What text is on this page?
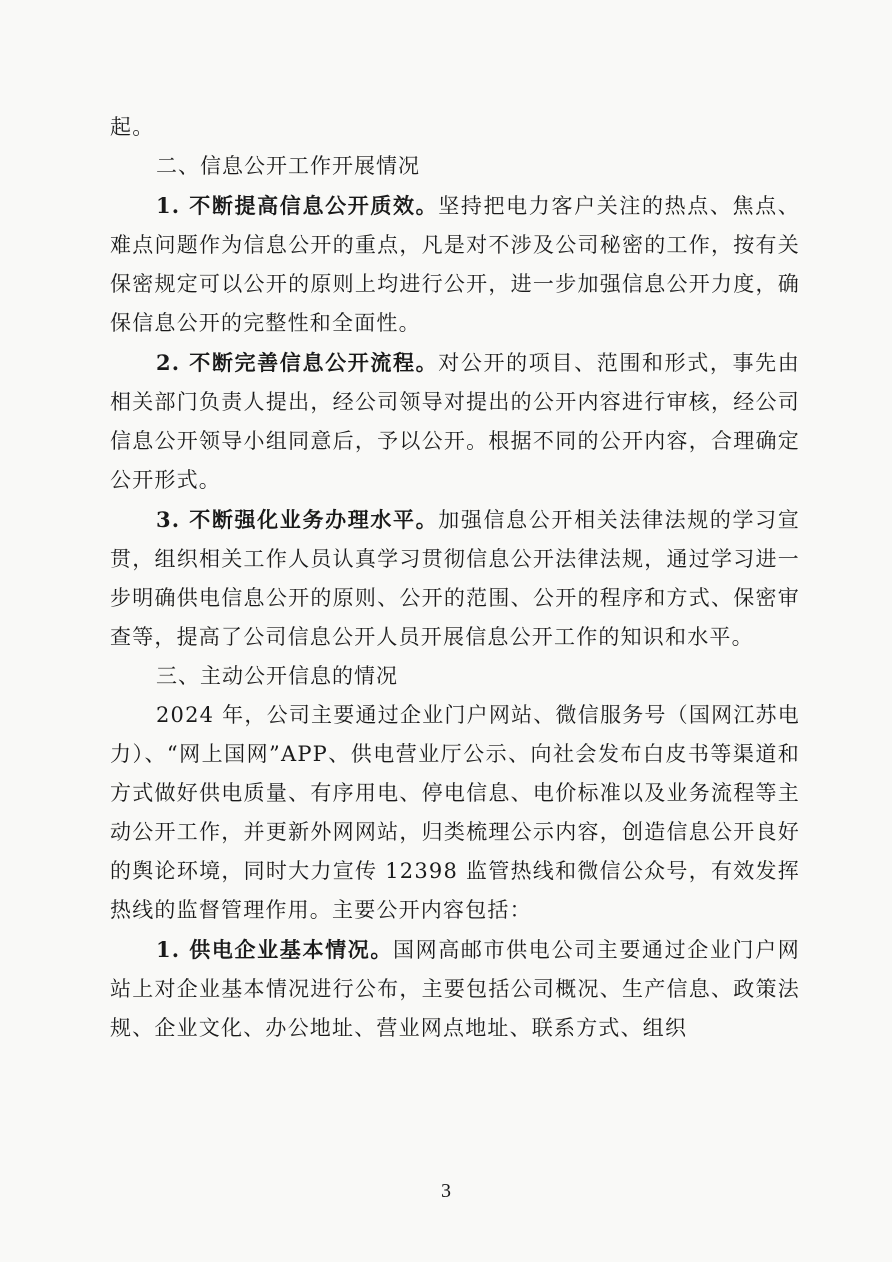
起。

二、信息公开工作开展情况

1. 不断提高信息公开质效。坚持把电力客户关注的热点、焦点、难点问题作为信息公开的重点，凡是对不涉及公司秘密的工作，按有关保密规定可以公开的原则上均进行公开，进一步加强信息公开力度，确保信息公开的完整性和全面性。

2. 不断完善信息公开流程。对公开的项目、范围和形式，事先由相关部门负责人提出，经公司领导对提出的公开内容进行审核，经公司信息公开领导小组同意后，予以公开。根据不同的公开内容，合理确定公开形式。

3. 不断强化业务办理水平。加强信息公开相关法律法规的学习宣贯，组织相关工作人员认真学习贯彻信息公开法律法规，通过学习进一步明确供电信息公开的原则、公开的范围、公开的程序和方式、保密审查等，提高了公司信息公开人员开展信息公开工作的知识和水平。

三、主动公开信息的情况

2024 年，公司主要通过企业门户网站、微信服务号（国网江苏电力）、“网上国网”APP、供电营业厅公示、向社会发布白皮书等渠道和方式做好供电质量、有序用电、停电信息、电价标准以及业务流程等主动公开工作，并更新外网网站，归类梳理公示内容，创造信息公开良好的舆论环境，同时大力宣传 12398 监管热线和微信公众号，有效发挥热线的监督管理作用。主要公开内容包括：

1. 供电企业基本情况。国网高邮市供电公司主要通过企业门户网站上对企业基本情况进行公布，主要包括公司概况、生产信息、政策法规、企业文化、办公地址、营业网点地址、联系方式、组织

3
